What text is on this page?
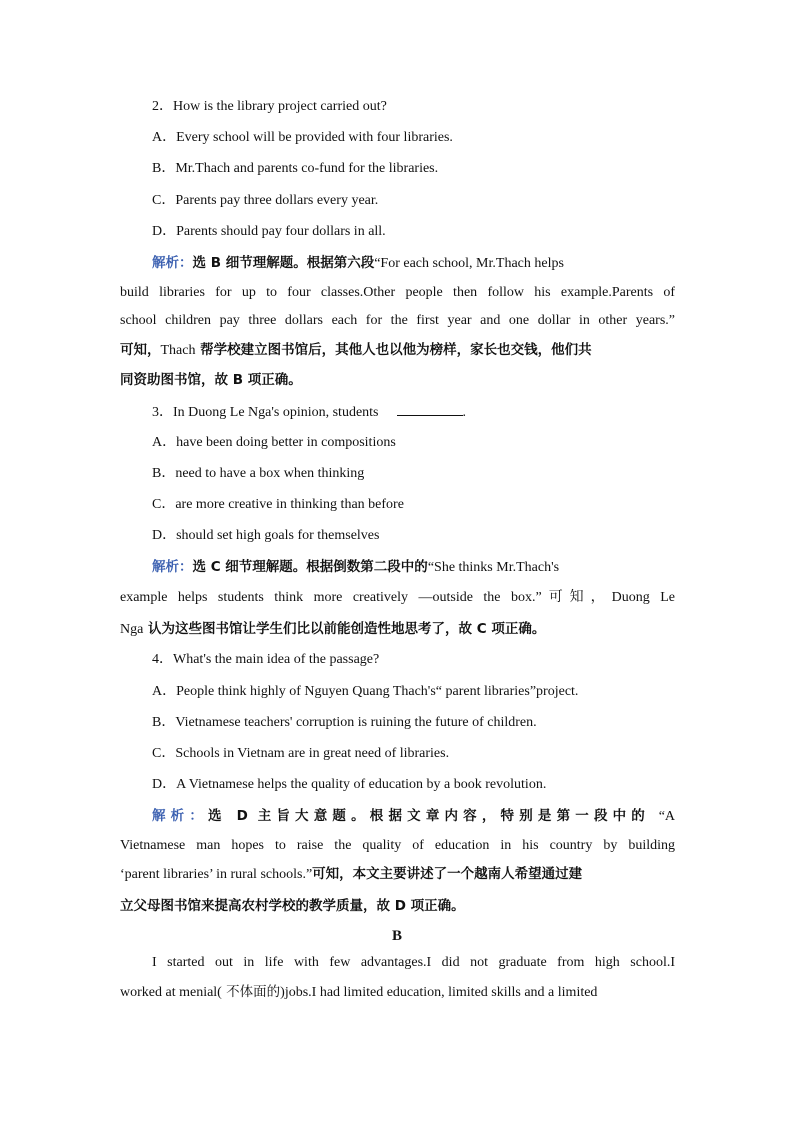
2．How is the library project carried out?
A．Every school will be provided with four libraries.
B．Mr.Thach and parents co-fund for the libraries.
C．Parents pay three dollars every year.
D．Parents should pay four dollars in all.
解析：选 B 细节理解题。根据第六段“For each school, Mr.Thach helps
build libraries for up to four classes.Other people then follow his example.Parents of
school children pay three dollars each for the first year and one dollar in other years.”
可知，Thach 帮学校建立图书馆后，其他人也以他为榜样，家长也交钱，他们共
同资助图书馆，故 B 项正确。
3．In Duong Le Nga's opinion, students	.
A．have been doing better in compositions
B．need to have a box when thinking
C．are more creative in thinking than before
D．should set high goals for themselves
解析：选 C 细节理解题。根据倒数第二段中的“She thinks Mr.Thach's
example helps students think more creatively —outside the box.”可知，Duong Le
Nga 认为这些图书馆让学生们比以前能创造性地思考了，故 C 项正确。
4．What's the main idea of the passage?
A．People think highly of Nguyen Quang Thach's“ parent libraries”project.
B．Vietnamese teachers' corruption is ruining the future of children.
C．Schools in Vietnam are in great need of libraries.
D．A Vietnamese helps the quality of education by a book revolution.
解析：选 D 主旨大意题。根据文章内容，特别是第一段中的 “A
Vietnamese man hopes to raise the quality of education in his country by building
‘parent libraries’ in rural schools.”可知，本文主要讲述了一个越南人希望通过建
立父母图书馆来提高农村学校的教学质量，故 D 项正确。
B
I started out in life with few advantages.I did not graduate from high school.I
worked at menial( 不体面的)jobs.I had limited education, limited skills and a limited
